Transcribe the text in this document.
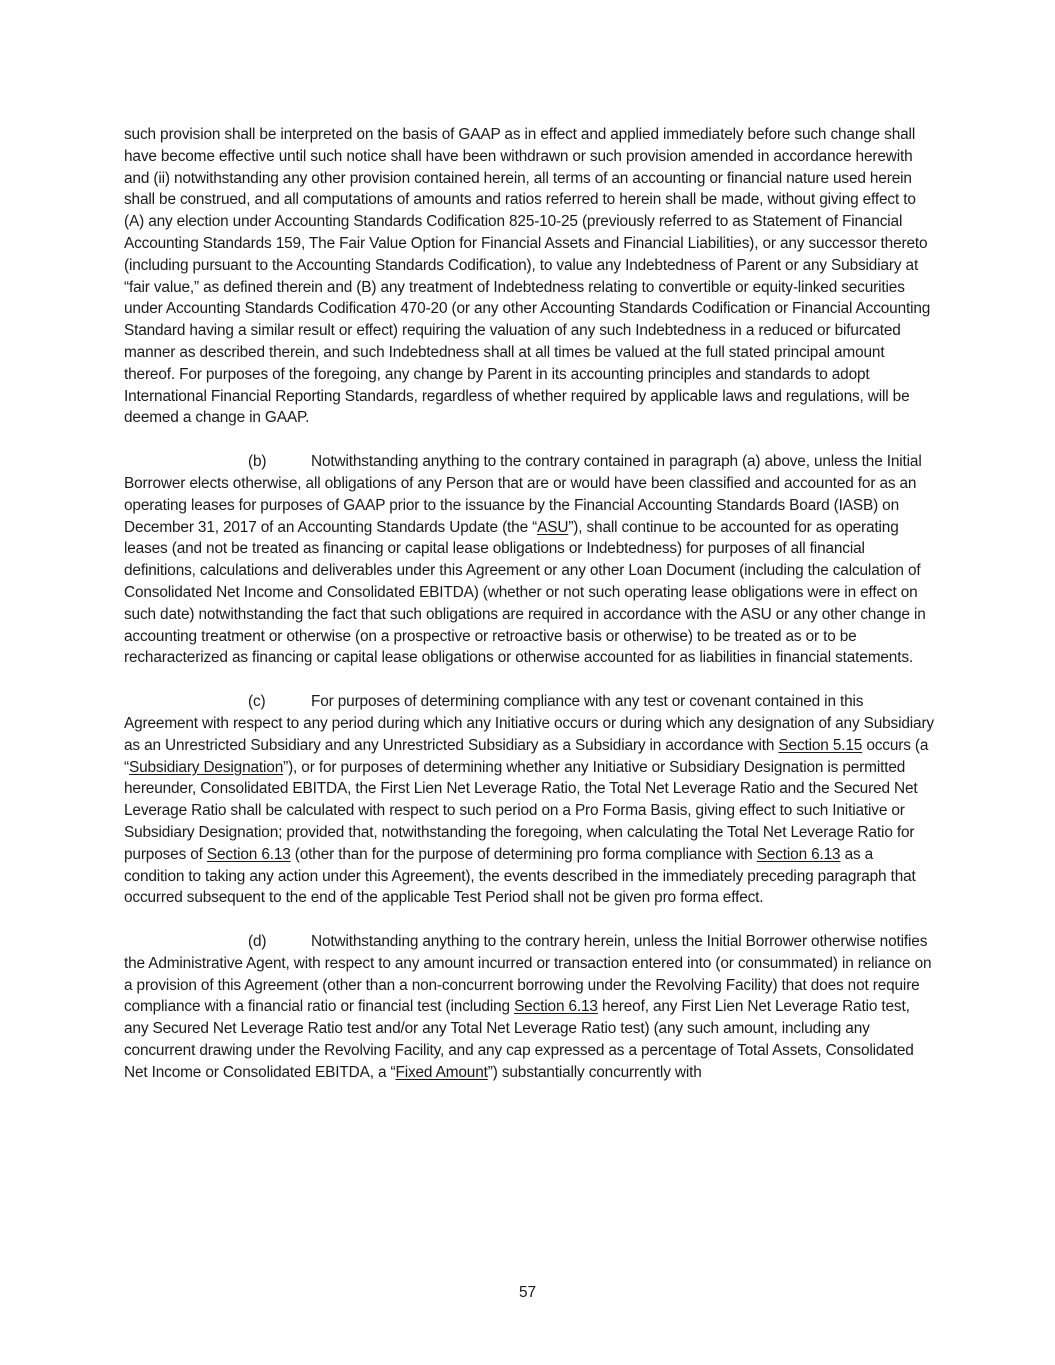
such provision shall be interpreted on the basis of GAAP as in effect and applied immediately before such change shall have become effective until such notice shall have been withdrawn or such provision amended in accordance herewith and (ii) notwithstanding any other provision contained herein, all terms of an accounting or financial nature used herein shall be construed, and all computations of amounts and ratios referred to herein shall be made, without giving effect to (A) any election under Accounting Standards Codification 825-10-25 (previously referred to as Statement of Financial Accounting Standards 159, The Fair Value Option for Financial Assets and Financial Liabilities), or any successor thereto (including pursuant to the Accounting Standards Codification), to value any Indebtedness of Parent or any Subsidiary at “fair value,” as defined therein and (B) any treatment of Indebtedness relating to convertible or equity-linked securities under Accounting Standards Codification 470-20 (or any other Accounting Standards Codification or Financial Accounting Standard having a similar result or effect) requiring the valuation of any such Indebtedness in a reduced or bifurcated manner as described therein, and such Indebtedness shall at all times be valued at the full stated principal amount thereof. For purposes of the foregoing, any change by Parent in its accounting principles and standards to adopt International Financial Reporting Standards, regardless of whether required by applicable laws and regulations, will be deemed a change in GAAP.

(b)	Notwithstanding anything to the contrary contained in paragraph (a) above, unless the Initial Borrower elects otherwise, all obligations of any Person that are or would have been classified and accounted for as an operating leases for purposes of GAAP prior to the issuance by the Financial Accounting Standards Board (IASB) on December 31, 2017 of an Accounting Standards Update (the “ASU”), shall continue to be accounted for as operating leases (and not be treated as financing or capital lease obligations or Indebtedness) for purposes of all financial definitions, calculations and deliverables under this Agreement or any other Loan Document (including the calculation of Consolidated Net Income and Consolidated EBITDA) (whether or not such operating lease obligations were in effect on such date) notwithstanding the fact that such obligations are required in accordance with the ASU or any other change in accounting treatment or otherwise (on a prospective or retroactive basis or otherwise) to be treated as or to be recharacterized as financing or capital lease obligations or otherwise accounted for as liabilities in financial statements.

(c)	For purposes of determining compliance with any test or covenant contained in this Agreement with respect to any period during which any Initiative occurs or during which any designation of any Subsidiary as an Unrestricted Subsidiary and any Unrestricted Subsidiary as a Subsidiary in accordance with Section 5.15 occurs (a “Subsidiary Designation”), or for purposes of determining whether any Initiative or Subsidiary Designation is permitted hereunder, Consolidated EBITDA, the First Lien Net Leverage Ratio, the Total Net Leverage Ratio and the Secured Net Leverage Ratio shall be calculated with respect to such period on a Pro Forma Basis, giving effect to such Initiative or Subsidiary Designation; provided that, notwithstanding the foregoing, when calculating the Total Net Leverage Ratio for purposes of Section 6.13 (other than for the purpose of determining pro forma compliance with Section 6.13 as a condition to taking any action under this Agreement), the events described in the immediately preceding paragraph that occurred subsequent to the end of the applicable Test Period shall not be given pro forma effect.

(d)	Notwithstanding anything to the contrary herein, unless the Initial Borrower otherwise notifies the Administrative Agent, with respect to any amount incurred or transaction entered into (or consummated) in reliance on a provision of this Agreement (other than a non-concurrent borrowing under the Revolving Facility) that does not require compliance with a financial ratio or financial test (including Section 6.13 hereof, any First Lien Net Leverage Ratio test, any Secured Net Leverage Ratio test and/or any Total Net Leverage Ratio test) (any such amount, including any concurrent drawing under the Revolving Facility, and any cap expressed as a percentage of Total Assets, Consolidated Net Income or Consolidated EBITDA, a “Fixed Amount”) substantially concurrently with

57
